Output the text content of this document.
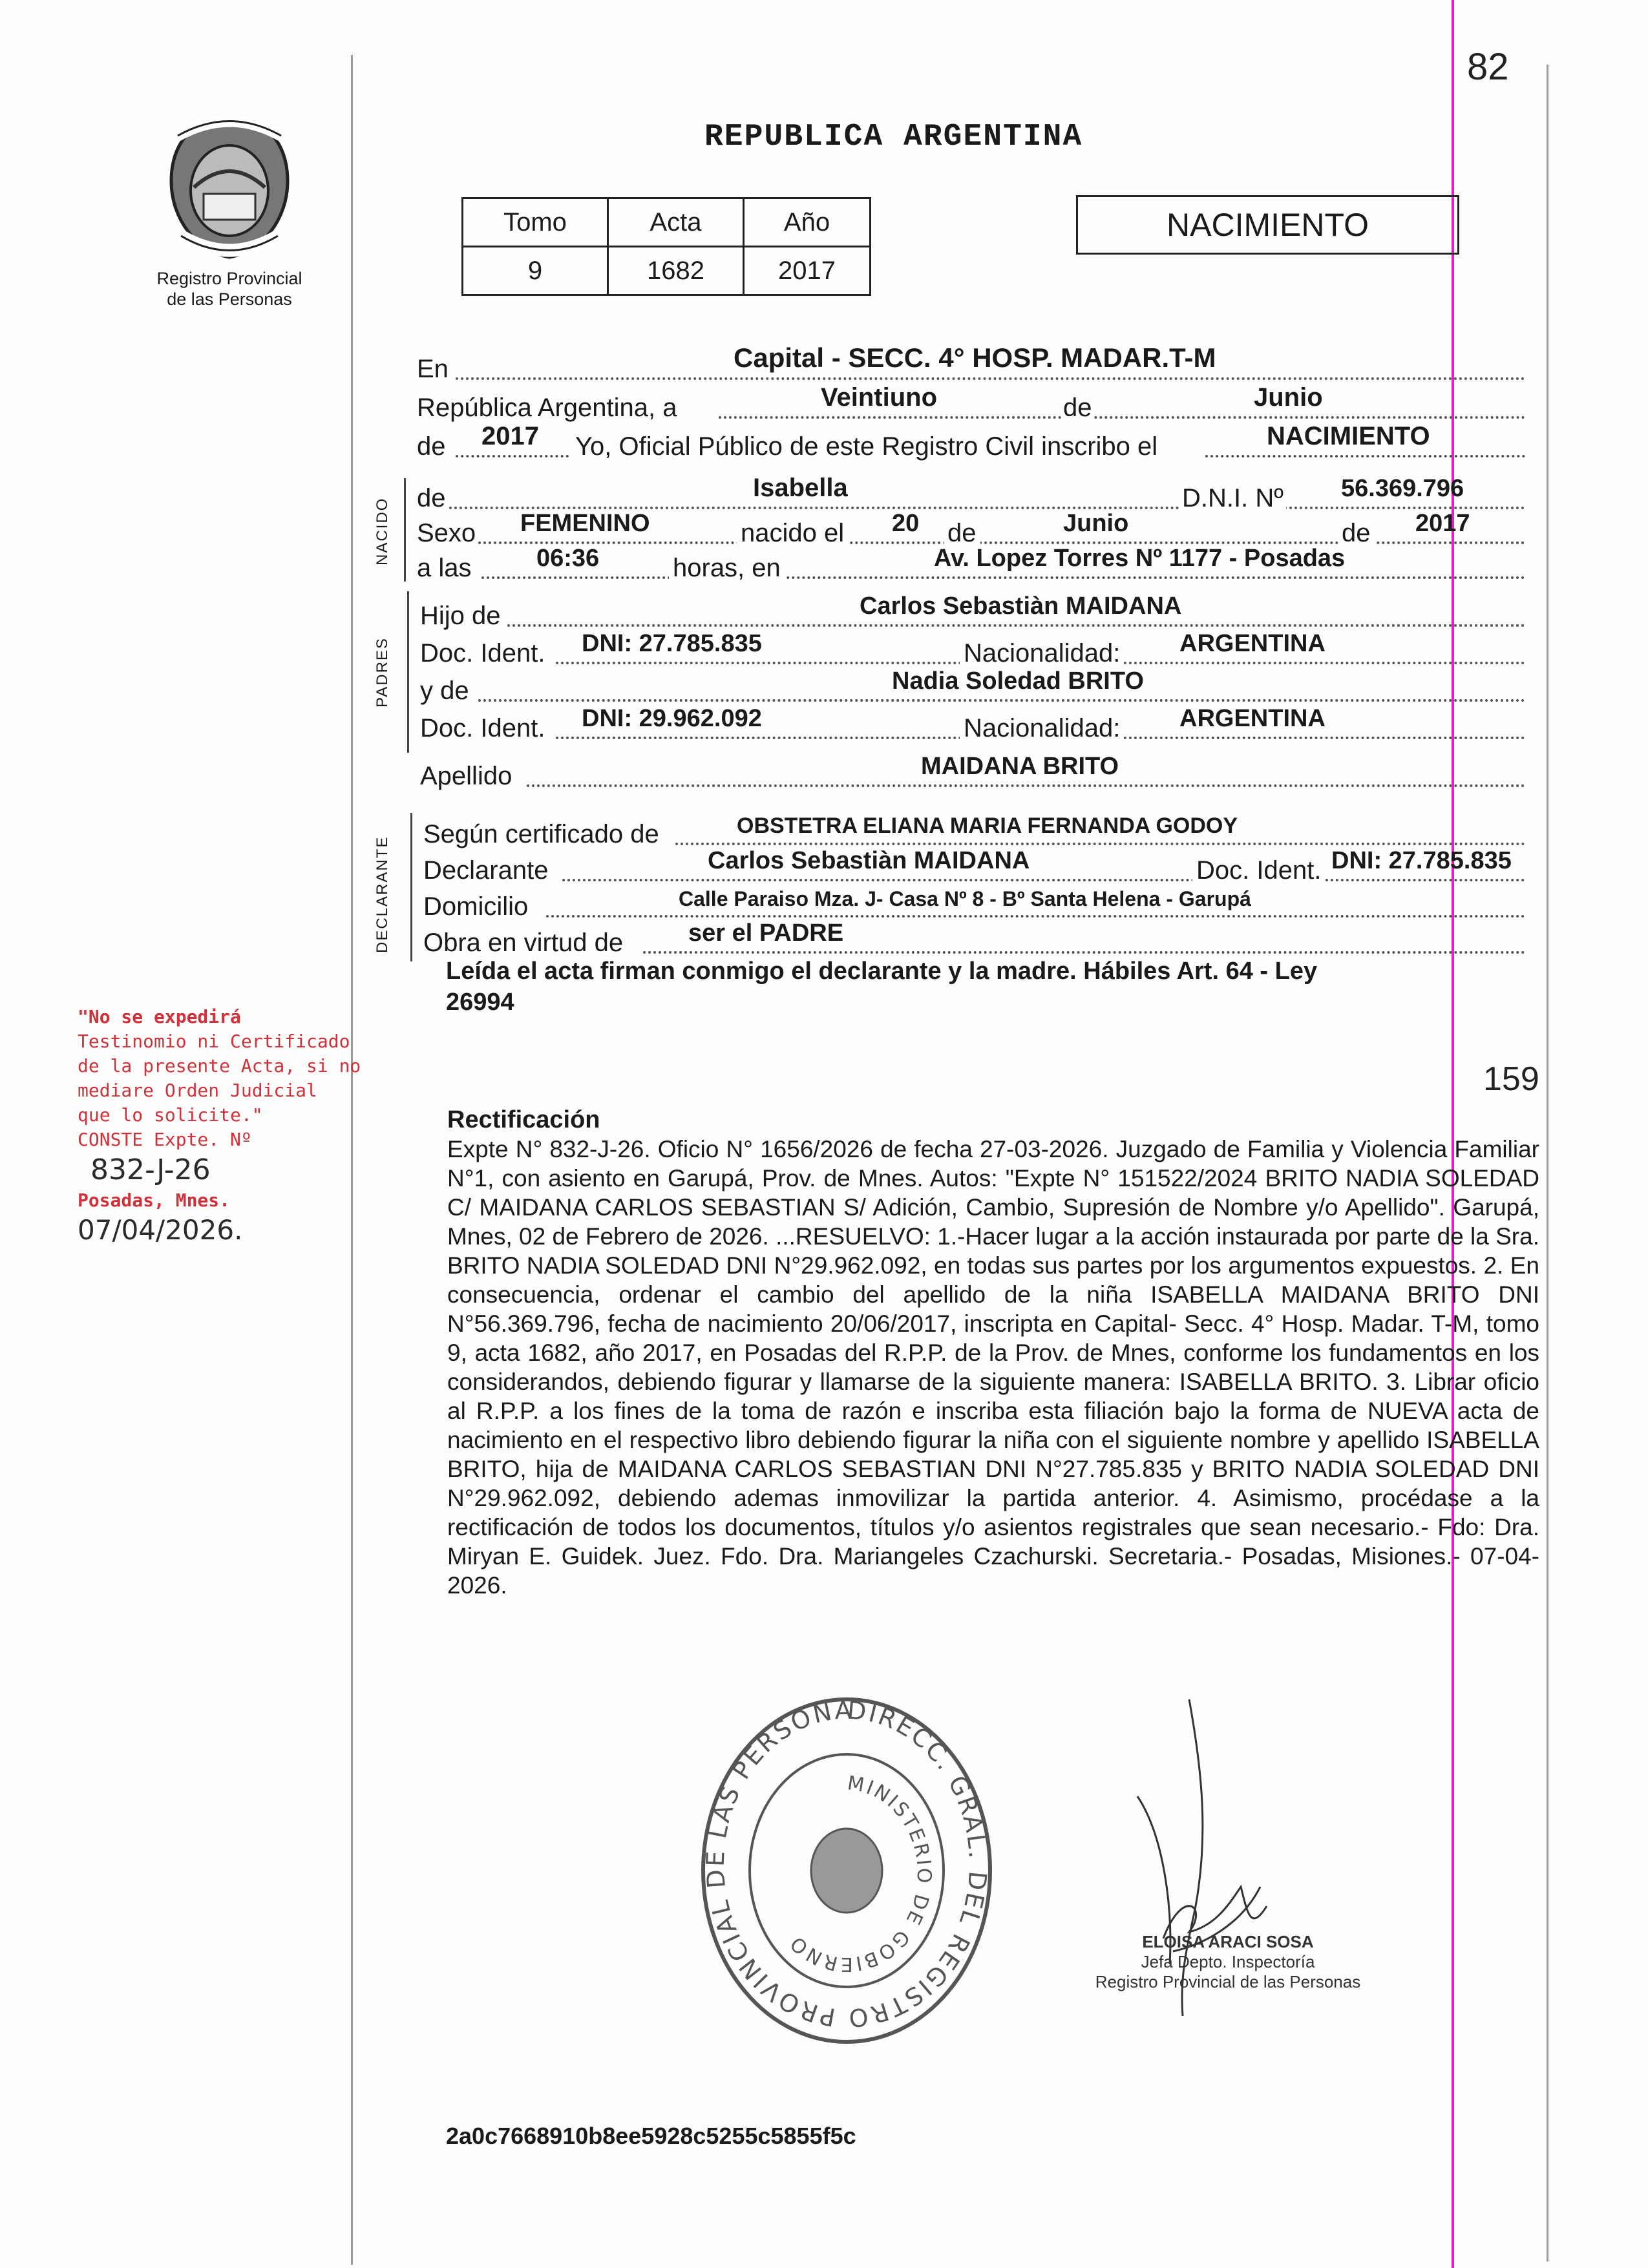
82
159
Registro Provincial
de las Personas
REPUBLICA ARGENTINA
Tomo	Acta	Año
9	1682	2017
NACIMIENTO
En	Capital - SECC. 4° HOSP. MADAR.T-M
República Argentina, a	Veintiuno	de	Junio
de 2017 Yo, Oficial Público de este Registro Civil inscribo el	NACIMIENTO
NACIDO de	Isabella	D.N.I. Nº 56.369.796
Sexo FEMENINO	nacido el 20 de	Junio	de 2017
a las	06:36	horas, en	Av. Lopez Torres Nº 1177 - Posadas
PADRES
Hijo de	Carlos Sebastiàn MAIDANA
Doc. Ident. DNI: 27.785.835	Nacionalidad: ARGENTINA
y de	Nadia Soledad BRITO
Doc. Ident. DNI: 29.962.092	Nacionalidad: ARGENTINA
Apellido	MAIDANA BRITO
DECLARANTE
Según certificado de	OBSTETRA ELIANA MARIA FERNANDA GODOY
Declarante	Carlos Sebastiàn MAIDANA	Doc. Ident. DNI: 27.785.835
Domicilio	Calle Paraiso Mza. J- Casa Nº 8 - Bº Santa Helena - Garupá
Obra en virtud de	ser el PADRE
Leída el acta firman conmigo el declarante y la madre. Hábiles Art. 64 - Ley
26994
"No se expedirá
Testinomio ni Certificado
de la presente Acta, si no
mediare Orden Judicial
que lo solicite."
CONSTE Expte. Nº
832-J-26
Posadas, Mnes.
07/04/2026.
Rectificación
Expte N° 832-J-26. Oficio N° 1656/2026 de fecha 27-03-2026. Juzgado de Familia y Violencia Familiar N°1, con asiento en Garupá, Prov. de Mnes. Autos: "Expte N° 151522/2024 BRITO NADIA SOLEDAD C/ MAIDANA CARLOS SEBASTIAN S/ Adición, Cambio, Supresión de Nombre y/o Apellido". Garupá, Mnes, 02 de Febrero de 2026. ...RESUELVO: 1.-Hacer lugar a la acción instaurada por parte de la Sra. BRITO NADIA SOLEDAD DNI N°29.962.092, en todas sus partes por los argumentos expuestos. 2. En consecuencia, ordenar el cambio del apellido de la niña ISABELLA MAIDANA BRITO DNI N°56.369.796, fecha de nacimiento 20/06/2017, inscripta en Capital- Secc. 4° Hosp. Madar. T-M, tomo 9, acta 1682, año 2017, en Posadas del R.P.P. de la Prov. de Mnes, conforme los fundamentos en los considerandos, debiendo figurar y llamarse de la siguiente manera: ISABELLA BRITO. 3. Librar oficio al R.P.P. a los fines de la toma de razón e inscriba esta filiación bajo la forma de NUEVA acta de nacimiento en el respectivo libro debiendo figurar la niña con el siguiente nombre y apellido ISABELLA BRITO, hija de MAIDANA CARLOS SEBASTIAN DNI N°27.785.835 y BRITO NADIA SOLEDAD DNI N°29.962.092, debiendo ademas inmovilizar la partida anterior. 4. Asimismo, procédase a la rectificación de todos los documentos, títulos y/o asientos registrales que sean necesario.- Fdo: Dra. Miryan E. Guidek. Juez. Fdo. Dra. Mariangeles Czachurski. Secretaria.- Posadas, Misiones.- 07-04-2026.
DIRECC. GRAL. DEL REGISTRO PROVINCIAL DE LAS PERSONA
MINISTERIO DE GOBIERNO	ELOISA ARACI SOSA
Jefa Depto. Inspectoría
Registro Provincial de las Personas
2a0c7668910b8ee5928c5255c5855f5c
